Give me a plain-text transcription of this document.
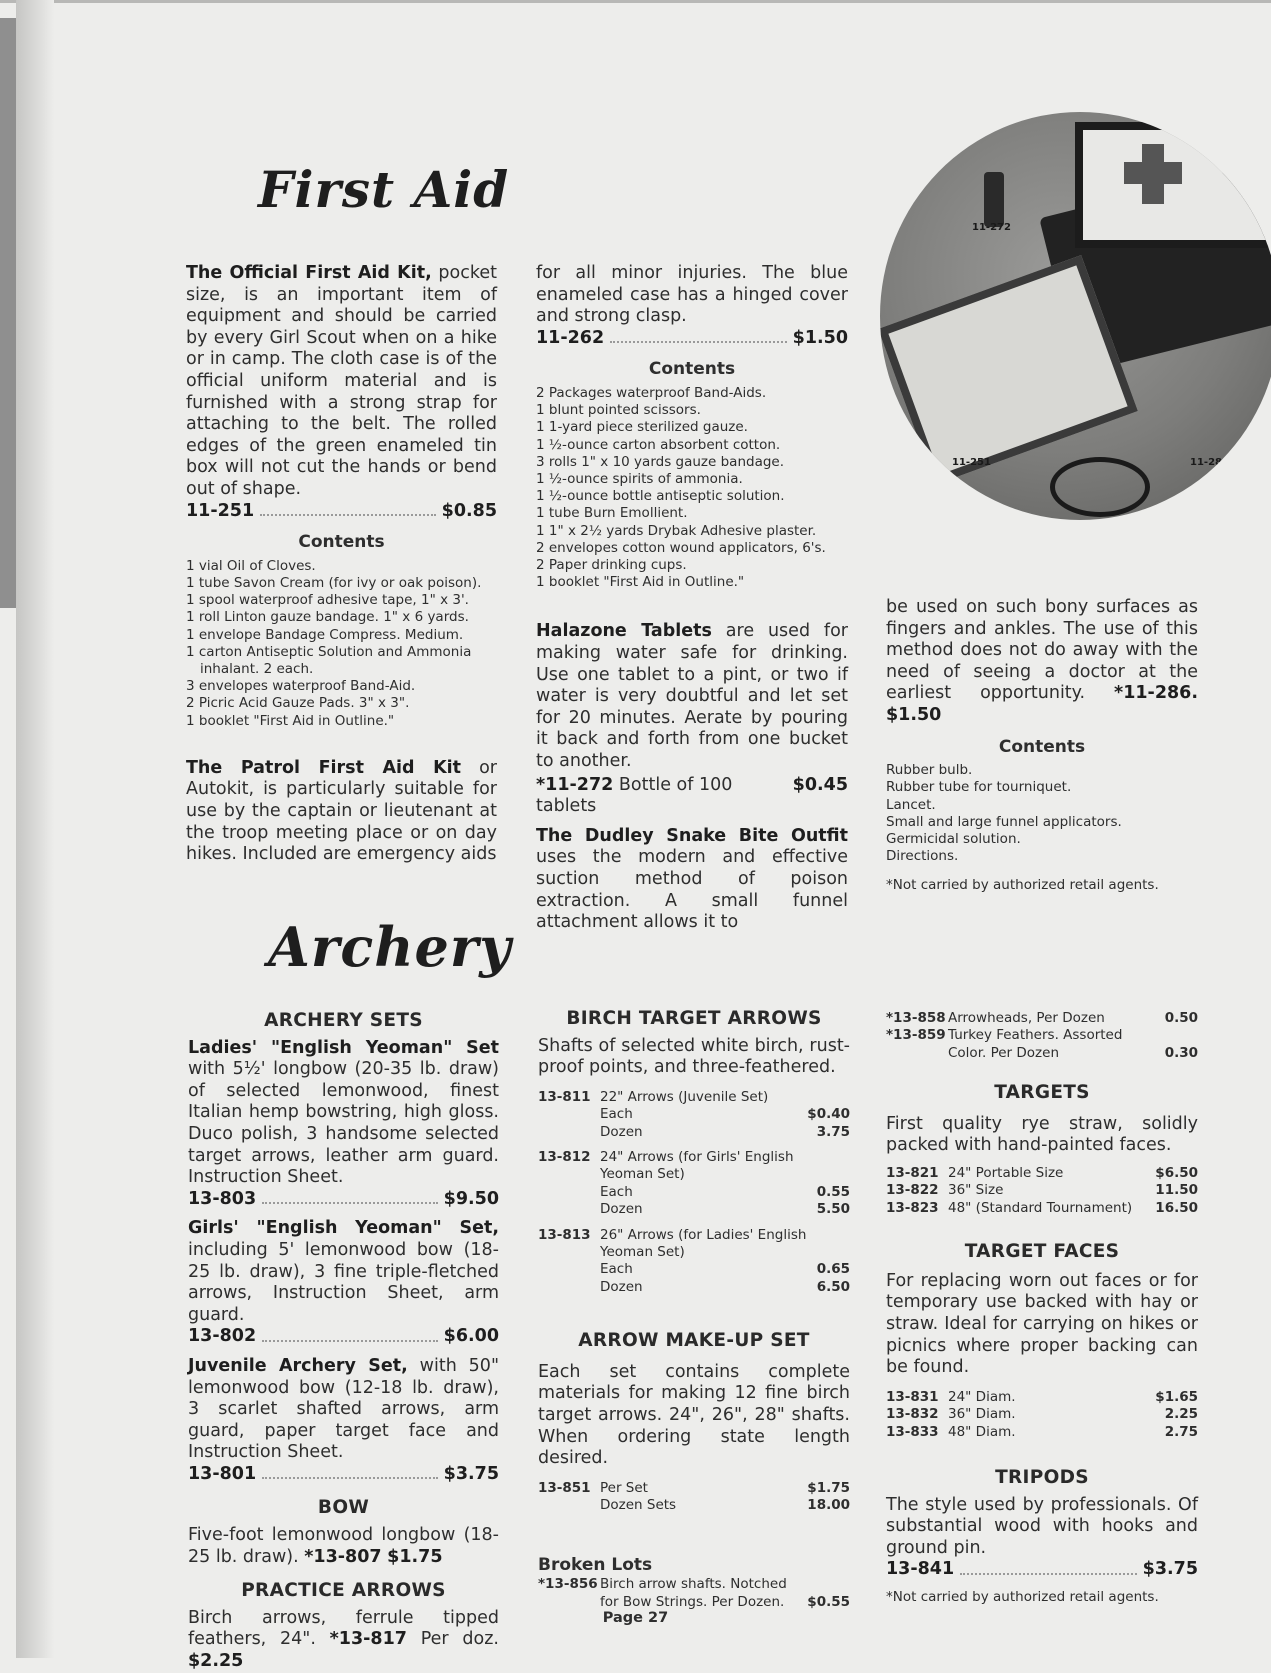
First Aid

The Official First Aid Kit, pocket size, is an important item of equipment and should be carried by every Girl Scout when on a hike or in camp. The cloth case is of the official uniform material and is furnished with a strong strap for attaching to the belt. The rolled edges of the green enameled tin box will not cut the hands or bend out of shape.

11-251	$0.85
Contents
1 vial Oil of Cloves.
1 tube Savon Cream (for ivy or oak poison).
1 spool waterproof adhesive tape, 1" x 3'.
1 roll Linton gauze bandage. 1" x 6 yards.
1 envelope Bandage Compress. Medium.
1 carton Antiseptic Solution and Ammonia inhalant. 2 each.
3 envelopes waterproof Band-Aid.
2 Picric Acid Gauze Pads. 3" x 3".
1 booklet "First Aid in Outline."

The Patrol First Aid Kit or Autokit, is particularly suitable for use by the captain or lieutenant at the troop meeting place or on day hikes. Included are emergency aids

for all minor injuries. The blue enameled case has a hinged cover and strong clasp.

11-262	$1.50
Contents
2 Packages waterproof Band-Aids.
1 blunt pointed scissors.
1 1-yard piece sterilized gauze.
1 ½-ounce carton absorbent cotton.
3 rolls 1" x 10 yards gauze bandage.
1 ½-ounce spirits of ammonia.
1 ½-ounce bottle antiseptic solution.
1 tube Burn Emollient.
1 1" x 2½ yards Drybak Adhesive plaster.
2 envelopes cotton wound applicators, 6's.
2 Paper drinking cups.
1 booklet "First Aid in Outline."

Halazone Tablets are used for making water safe for drinking. Use one tablet to a pint, or two if water is very doubtful and let set for 20 minutes. Aerate by pouring it back and forth from one bucket to another.

*11-272 Bottle of 100 tablets
$0.45

The Dudley Snake Bite Outfit uses the modern and effective suction method of poison extraction. A small funnel attachment allows it to

11-272
11-251	11-286

be used on such bony surfaces as fingers and ankles. The use of this method does not do away with the need of seeing a doctor at the earliest opportunity. *11-286. $1.50

Contents
Rubber bulb.
Rubber tube for tourniquet.
Lancet.
Small and large funnel applicators.
Germicidal solution.
Directions.
*Not carried by authorized retail agents.
Archery
ARCHERY SETS

Ladies' "English Yeoman" Set with 5½' longbow (20-35 lb. draw) of selected lemonwood, finest Italian hemp bowstring, high gloss. Duco polish, 3 handsome selected target arrows, leather arm guard. Instruction Sheet.

13-803	$9.50

Girls' "English Yeoman" Set, including 5' lemonwood bow (18-25 lb. draw), 3 fine triple-fletched arrows, Instruction Sheet, arm guard.

13-802	$6.00

Juvenile Archery Set, with 50" lemonwood bow (12-18 lb. draw), 3 scarlet shafted arrows, arm guard, paper target face and Instruction Sheet.

13-801	$3.75
BOW

Five-foot lemonwood longbow (18-25 lb. draw). *13-807 $1.75

PRACTICE ARROWS

Birch arrows, ferrule tipped feathers, 24". *13-817 Per doz. $2.25

BIRCH TARGET ARROWS

Shafts of selected white birch, rust-proof points, and three-feathered.

13-811	22" Arrows (Juvenile Set)	
	Each	$0.40
	Dozen	3.75

13-812	24" Arrows (for Girls' English Yeoman Set)	
	Each	0.55
	Dozen	5.50

13-813	26" Arrows (for Ladies' English Yeoman Set)	
	Each	0.65
	Dozen	6.50
ARROW MAKE-UP SET

Each set contains complete materials for making 12 fine birch target arrows. 24", 26", 28" shafts. When ordering state length desired.

13-851	Per Set	$1.75
	Dozen Sets	18.00
Broken Lots
*13-856	Birch arrow shafts. Notched for Bow Strings. Per Dozen.	$0.55
*13-858	Arrowheads, Per Dozen	0.50
*13-859	Turkey Feathers. Assorted Color. Per Dozen	0.30
TARGETS

First quality rye straw, solidly packed with hand-painted faces.

13-821	24" Portable Size	$6.50
13-822	36" Size	11.50
13-823	48" (Standard Tournament)	16.50
TARGET FACES

For replacing worn out faces or for temporary use backed with hay or straw. Ideal for carrying on hikes or picnics where proper backing can be found.

13-831	24" Diam.	$1.65
13-832	36" Diam.	2.25
13-833	48" Diam.	2.75
TRIPODS

The style used by professionals. Of substantial wood with hooks and ground pin.

13-841	$3.75
*Not carried by authorized retail agents.
Page 27
